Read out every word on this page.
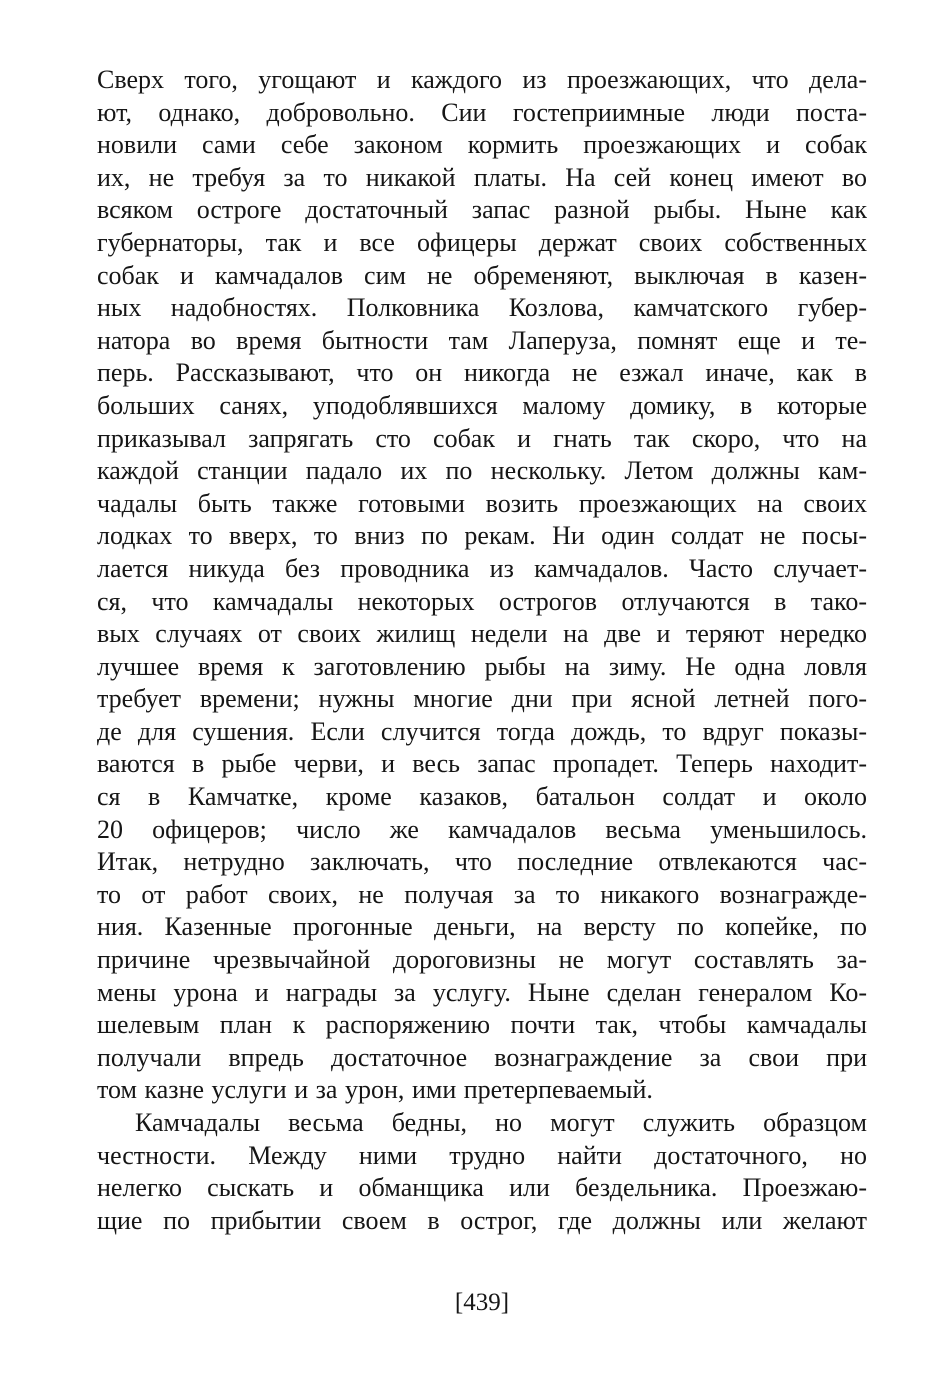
Сверх того, угощают и каждого из проезжающих, что дела-
ют, однако, добровольно. Сии гостеприимные люди поста-
новили сами себе законом кормить проезжающих и собак
их, не требуя за то никакой платы. На сей конец имеют во
всяком остроге достаточный запас разной рыбы. Ныне как
губернаторы, так и все офицеры держат своих собственных
собак и камчадалов сим не обременяют, выключая в казен-
ных надобностях. Полковника Козлова, камчатского губер-
натора во время бытности там Лаперуза, помнят еще и те-
перь. Рассказывают, что он никогда не езжал иначе, как в
больших санях, уподоблявшихся малому домику, в которые
приказывал запрягать сто собак и гнать так скоро, что на
каждой станции падало их по нескольку. Летом должны кам-
чадалы быть также готовыми возить проезжающих на своих
лодках то вверх, то вниз по рекам. Ни один солдат не посы-
лается никуда без проводника из камчадалов. Часто случает-
ся, что камчадалы некоторых острогов отлучаются в тако-
вых случаях от своих жилищ недели на две и теряют нередко
лучшее время к заготовлению рыбы на зиму. Не одна ловля
требует времени; нужны многие дни при ясной летней пого-
де для сушения. Если случится тогда дождь, то вдруг показы-
ваются в рыбе черви, и весь запас пропадет. Теперь находит-
ся в Камчатке, кроме казаков, батальон солдат и около
20 офицеров; число же камчадалов весьма уменьшилось.
Итак, нетрудно заключать, что последние отвлекаются час-
то от работ своих, не получая за то никакого вознагражде-
ния. Казенные прогонные деньги, на версту по копейке, по
причине чрезвычайной дороговизны не могут составлять за-
мены урона и награды за услугу. Ныне сделан генералом Ко-
шелевым план к распоряжению почти так, чтобы камчадалы
получали впредь достаточное вознаграждение за свои при
том казне услуги и за урон, ими претерпеваемый.
Камчадалы весьма бедны, но могут служить образцом
честности. Между ними трудно найти достаточного, но
нелегко сыскать и обманщика или бездельника. Проезжаю-
щие по прибытии своем в острог, где должны или желают
[439]
